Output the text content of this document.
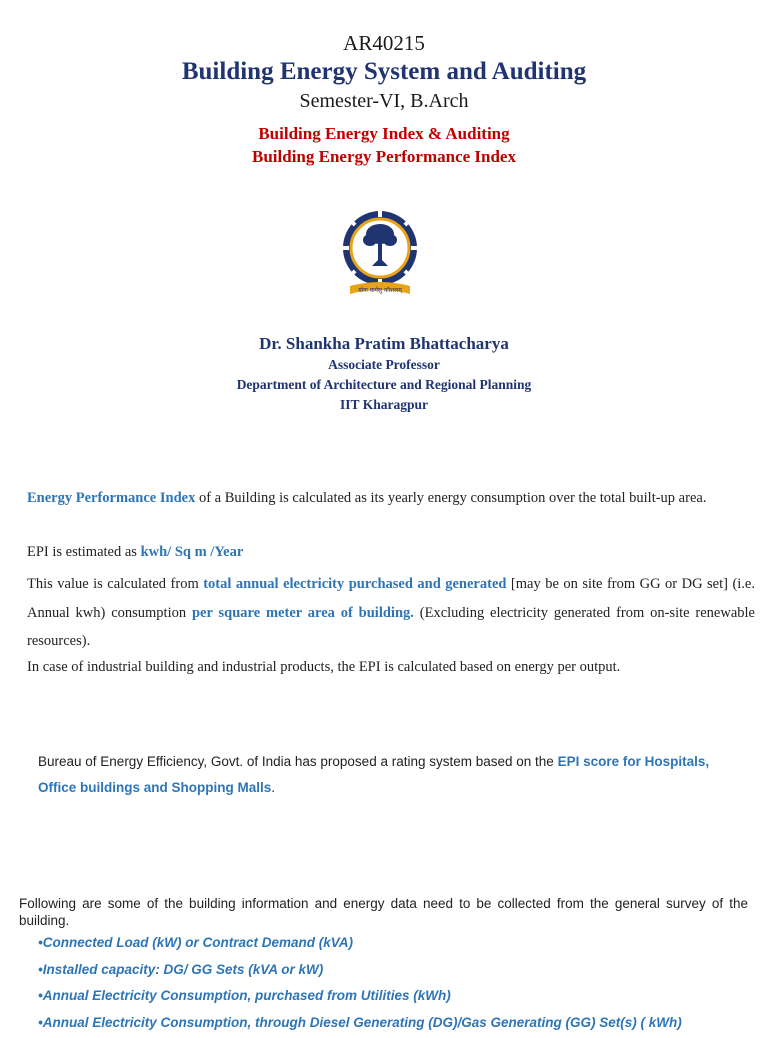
AR40215
Building Energy System and Auditing
Semester-VI, B.Arch
Building Energy Index & Auditing
Building Energy Performance Index
योगः कर्मसु कौशलम्
Dr. Shankha Pratim Bhattacharya
Associate Professor
Department of Architecture and Regional Planning
IIT Kharagpur
Energy Performance Index of a Building is calculated as its yearly energy consumption over the total built-up area.
EPI is estimated as kwh/ Sq m /Year
This value is calculated from total annual electricity purchased and generated [may be on site from GG or DG set] (i.e. Annual kwh) consumption per square meter area of building. (Excluding electricity generated from on-site renewable resources).
In case of industrial building and industrial products, the EPI is calculated based on energy per output.
Bureau of Energy Efficiency, Govt. of India has proposed a rating system based on the EPI score for Hospitals, Office buildings and Shopping Malls.
Following are some of the building information and energy data need to be collected from the general survey of the building.
•Connected Load (kW) or Contract Demand (kVA)
•Installed capacity: DG/ GG Sets (kVA or kW)
•Annual Electricity Consumption, purchased from Utilities (kWh)
•Annual Electricity Consumption, through Diesel Generating (DG)/Gas Generating (GG) Set(s) ( kWh)
